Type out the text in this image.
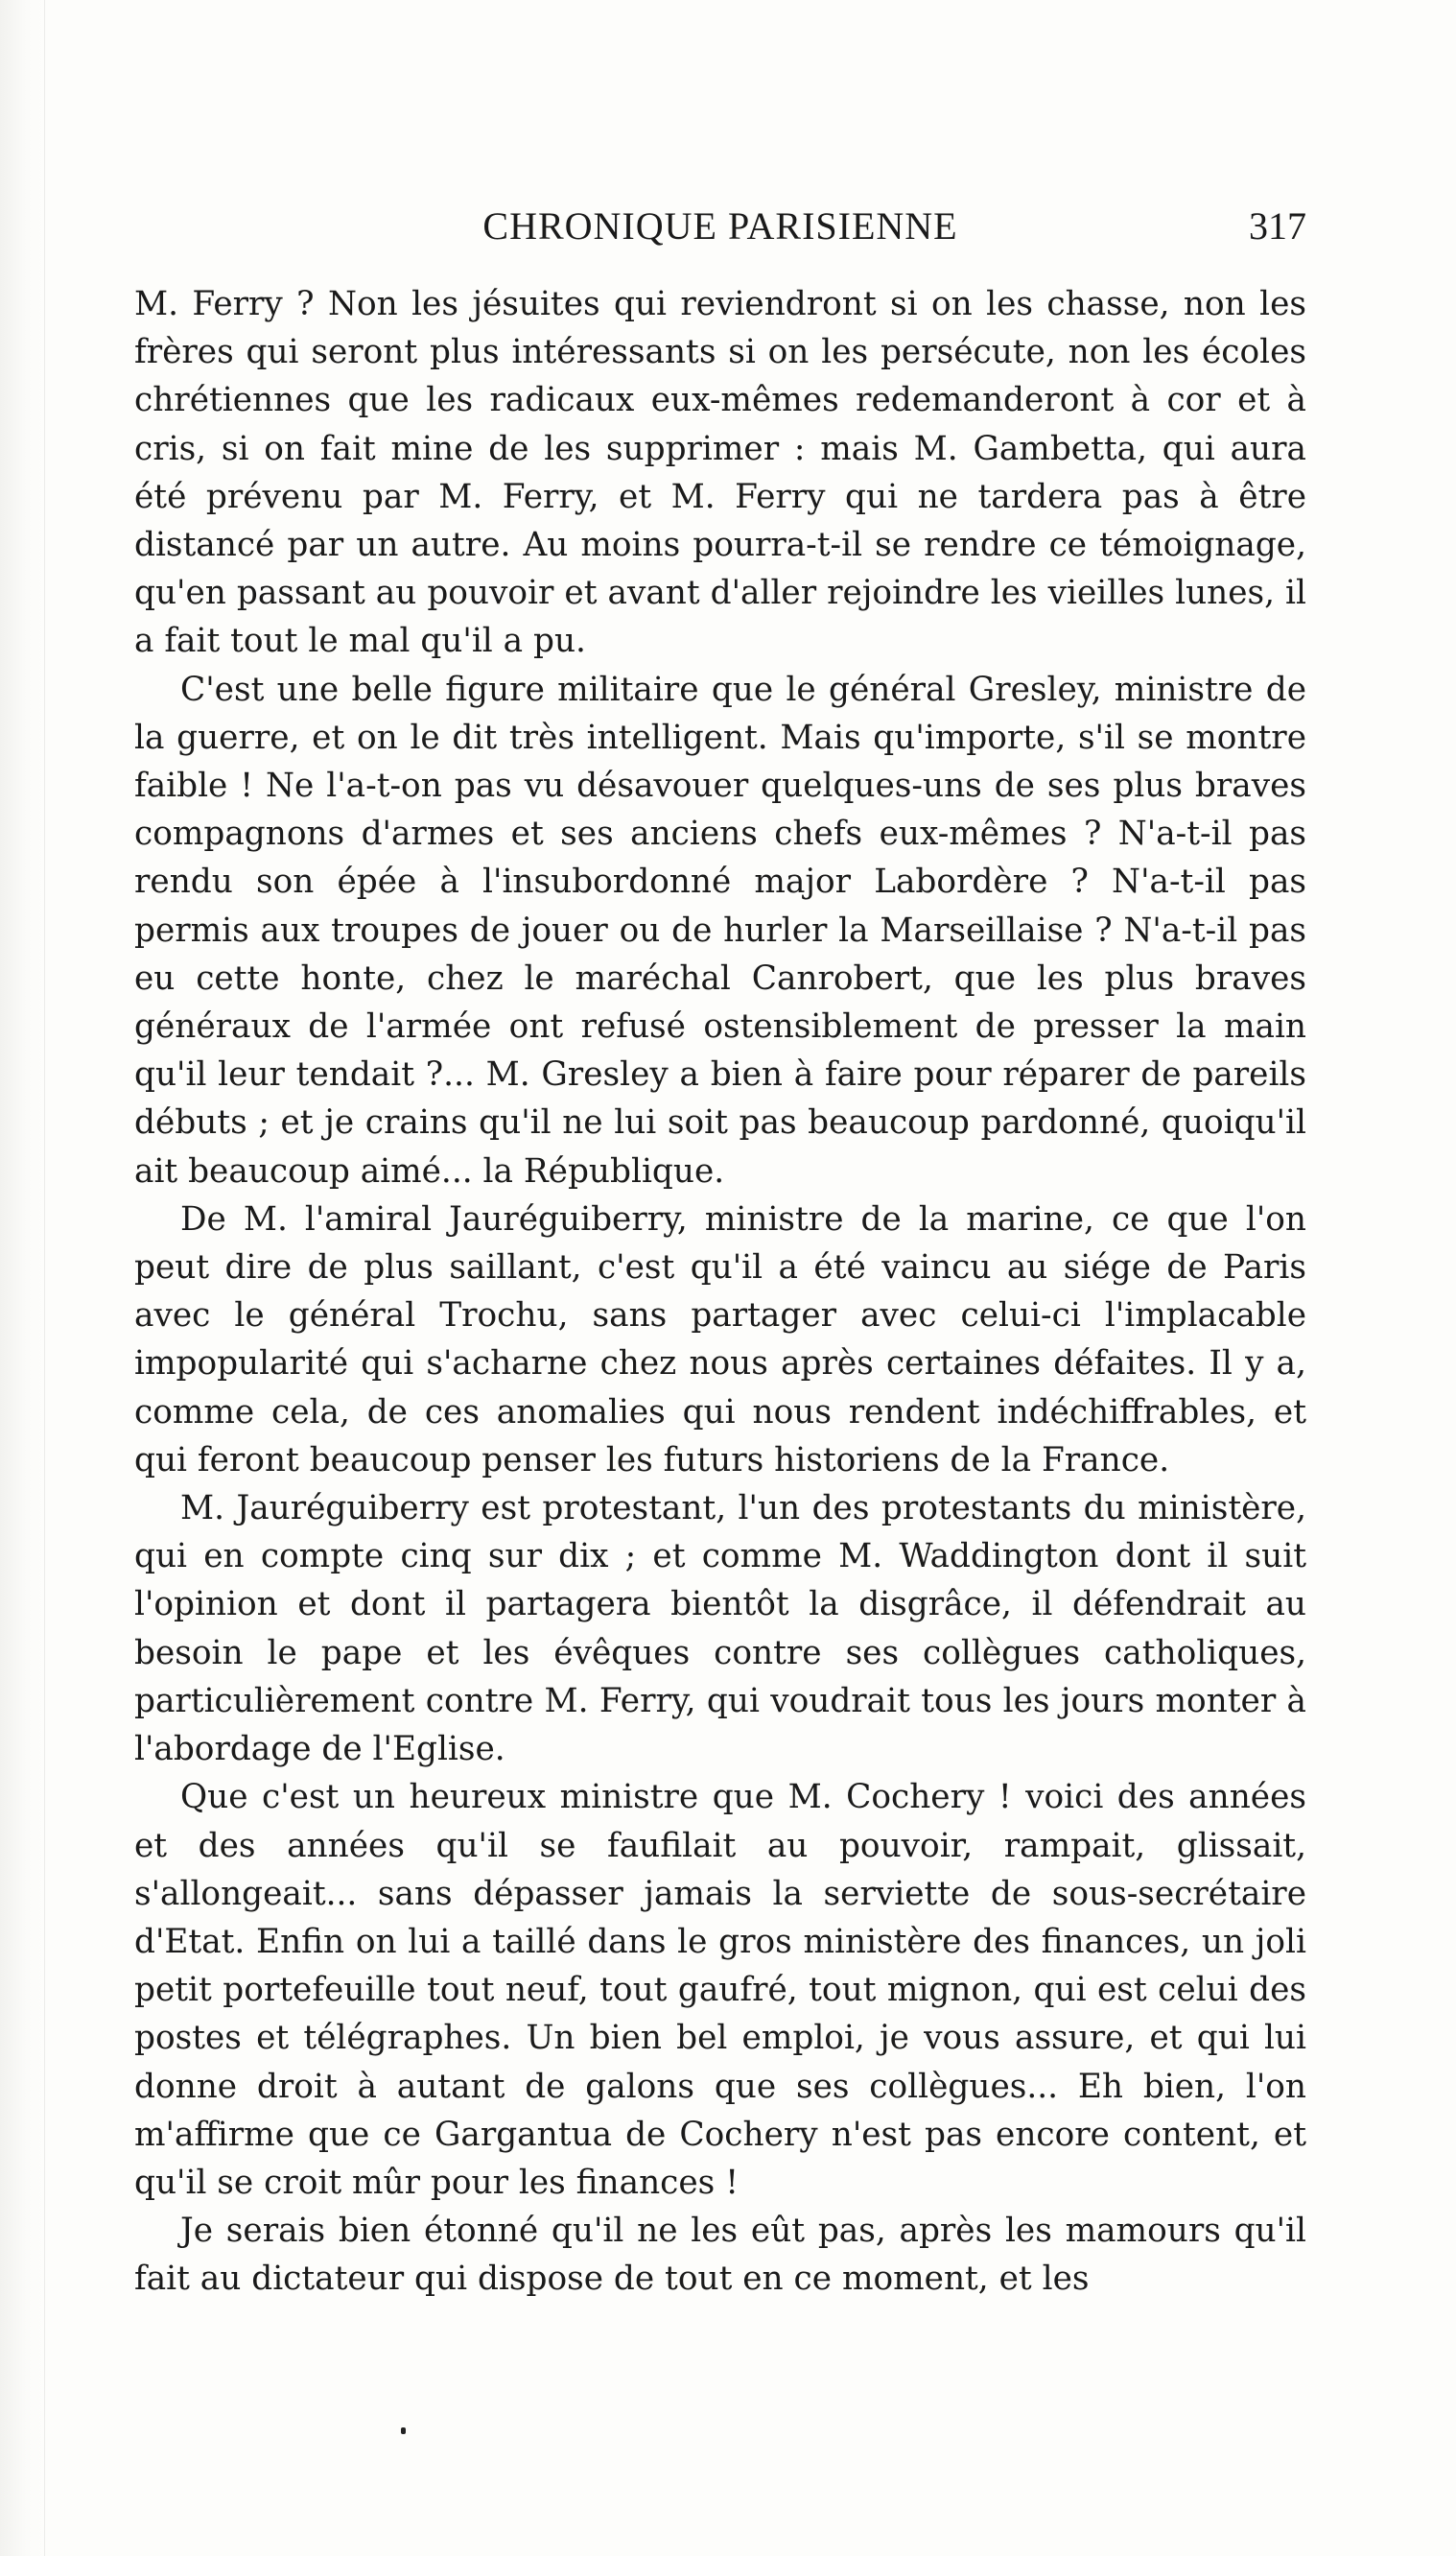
CHRONIQUE PARISIENNE	317

M. Ferry ? Non les jésuites qui reviendront si on les chasse, non les frères qui seront plus intéressants si on les persécute, non les écoles chrétiennes que les radicaux eux-mêmes redemanderont à cor et à cris, si on fait mine de les supprimer : mais M. Gambetta, qui aura été prévenu par M. Ferry, et M. Ferry qui ne tardera pas à être distancé par un autre. Au moins pourra-t-il se rendre ce témoignage, qu'en passant au pouvoir et avant d'aller rejoindre les vieilles lunes, il a fait tout le mal qu'il a pu.

C'est une belle figure militaire que le général Gresley, ministre de la guerre, et on le dit très intelligent. Mais qu'importe, s'il se montre faible ! Ne l'a-t-on pas vu désavouer quelques-uns de ses plus braves compagnons d'armes et ses anciens chefs eux-mêmes ? N'a-t-il pas rendu son épée à l'insubordonné major Labordère ? N'a-t-il pas permis aux troupes de jouer ou de hurler la Marseillaise ? N'a-t-il pas eu cette honte, chez le maréchal Canrobert, que les plus braves généraux de l'armée ont refusé ostensiblement de presser la main qu'il leur tendait ?... M. Gresley a bien à faire pour réparer de pareils débuts ; et je crains qu'il ne lui soit pas beaucoup pardonné, quoiqu'il ait beaucoup aimé... la République.

De M. l'amiral Jauréguiberry, ministre de la marine, ce que l'on peut dire de plus saillant, c'est qu'il a été vaincu au siége de Paris avec le général Trochu, sans partager avec celui-ci l'implacable impopularité qui s'acharne chez nous après certaines défaites. Il y a, comme cela, de ces anomalies qui nous rendent indéchiffrables, et qui feront beaucoup penser les futurs historiens de la France.

M. Jauréguiberry est protestant, l'un des protestants du ministère, qui en compte cinq sur dix ; et comme M. Waddington dont il suit l'opinion et dont il partagera bientôt la disgrâce, il défendrait au besoin le pape et les évêques contre ses collègues catholiques, particulièrement contre M. Ferry, qui voudrait tous les jours monter à l'abordage de l'Eglise.

Que c'est un heureux ministre que M. Cochery ! voici des années et des années qu'il se faufilait au pouvoir, rampait, glissait, s'allongeait... sans dépasser jamais la serviette de sous-secrétaire d'Etat. Enfin on lui a taillé dans le gros ministère des finances, un joli petit portefeuille tout neuf, tout gaufré, tout mignon, qui est celui des postes et télégraphes. Un bien bel emploi, je vous assure, et qui lui donne droit à autant de galons que ses collègues... Eh bien, l'on m'affirme que ce Gargantua de Cochery n'est pas encore content, et qu'il se croit mûr pour les finances !

Je serais bien étonné qu'il ne les eût pas, après les mamours qu'il fait au dictateur qui dispose de tout en ce moment, et les
